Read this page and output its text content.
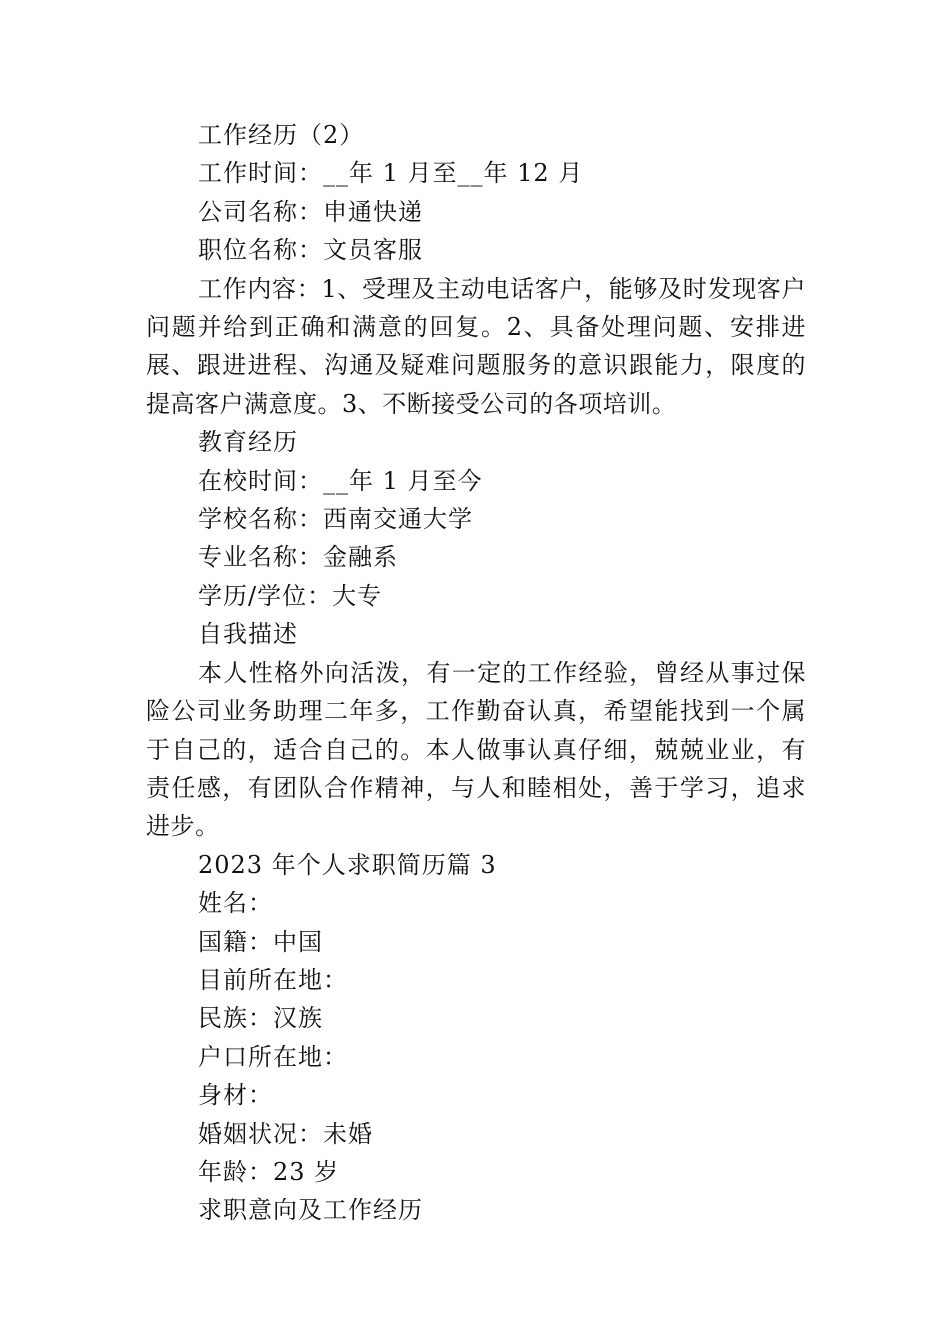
工作经历（2）

工作时间：__年 1 月至__年 12 月

公司名称：申通快递

职位名称：文员客服

工作内容：1、受理及主动电话客户，能够及时发现客户问题并给到正确和满意的回复。2、具备处理问题、安排进展、跟进进程、沟通及疑难问题服务的意识跟能力，限度的提高客户满意度。3、不断接受公司的各项培训。

教育经历

在校时间：__年 1 月至今

学校名称：西南交通大学

专业名称：金融系

学历/学位：大专

自我描述

本人性格外向活泼，有一定的工作经验，曾经从事过保险公司业务助理二年多，工作勤奋认真，希望能找到一个属于自己的，适合自己的。本人做事认真仔细，兢兢业业，有责任感，有团队合作精神，与人和睦相处，善于学习，追求进步。

2023 年个人求职简历篇 3

姓名：

国籍：中国

目前所在地：

民族：汉族

户口所在地：

身材：

婚姻状况：未婚

年龄：23 岁

求职意向及工作经历
